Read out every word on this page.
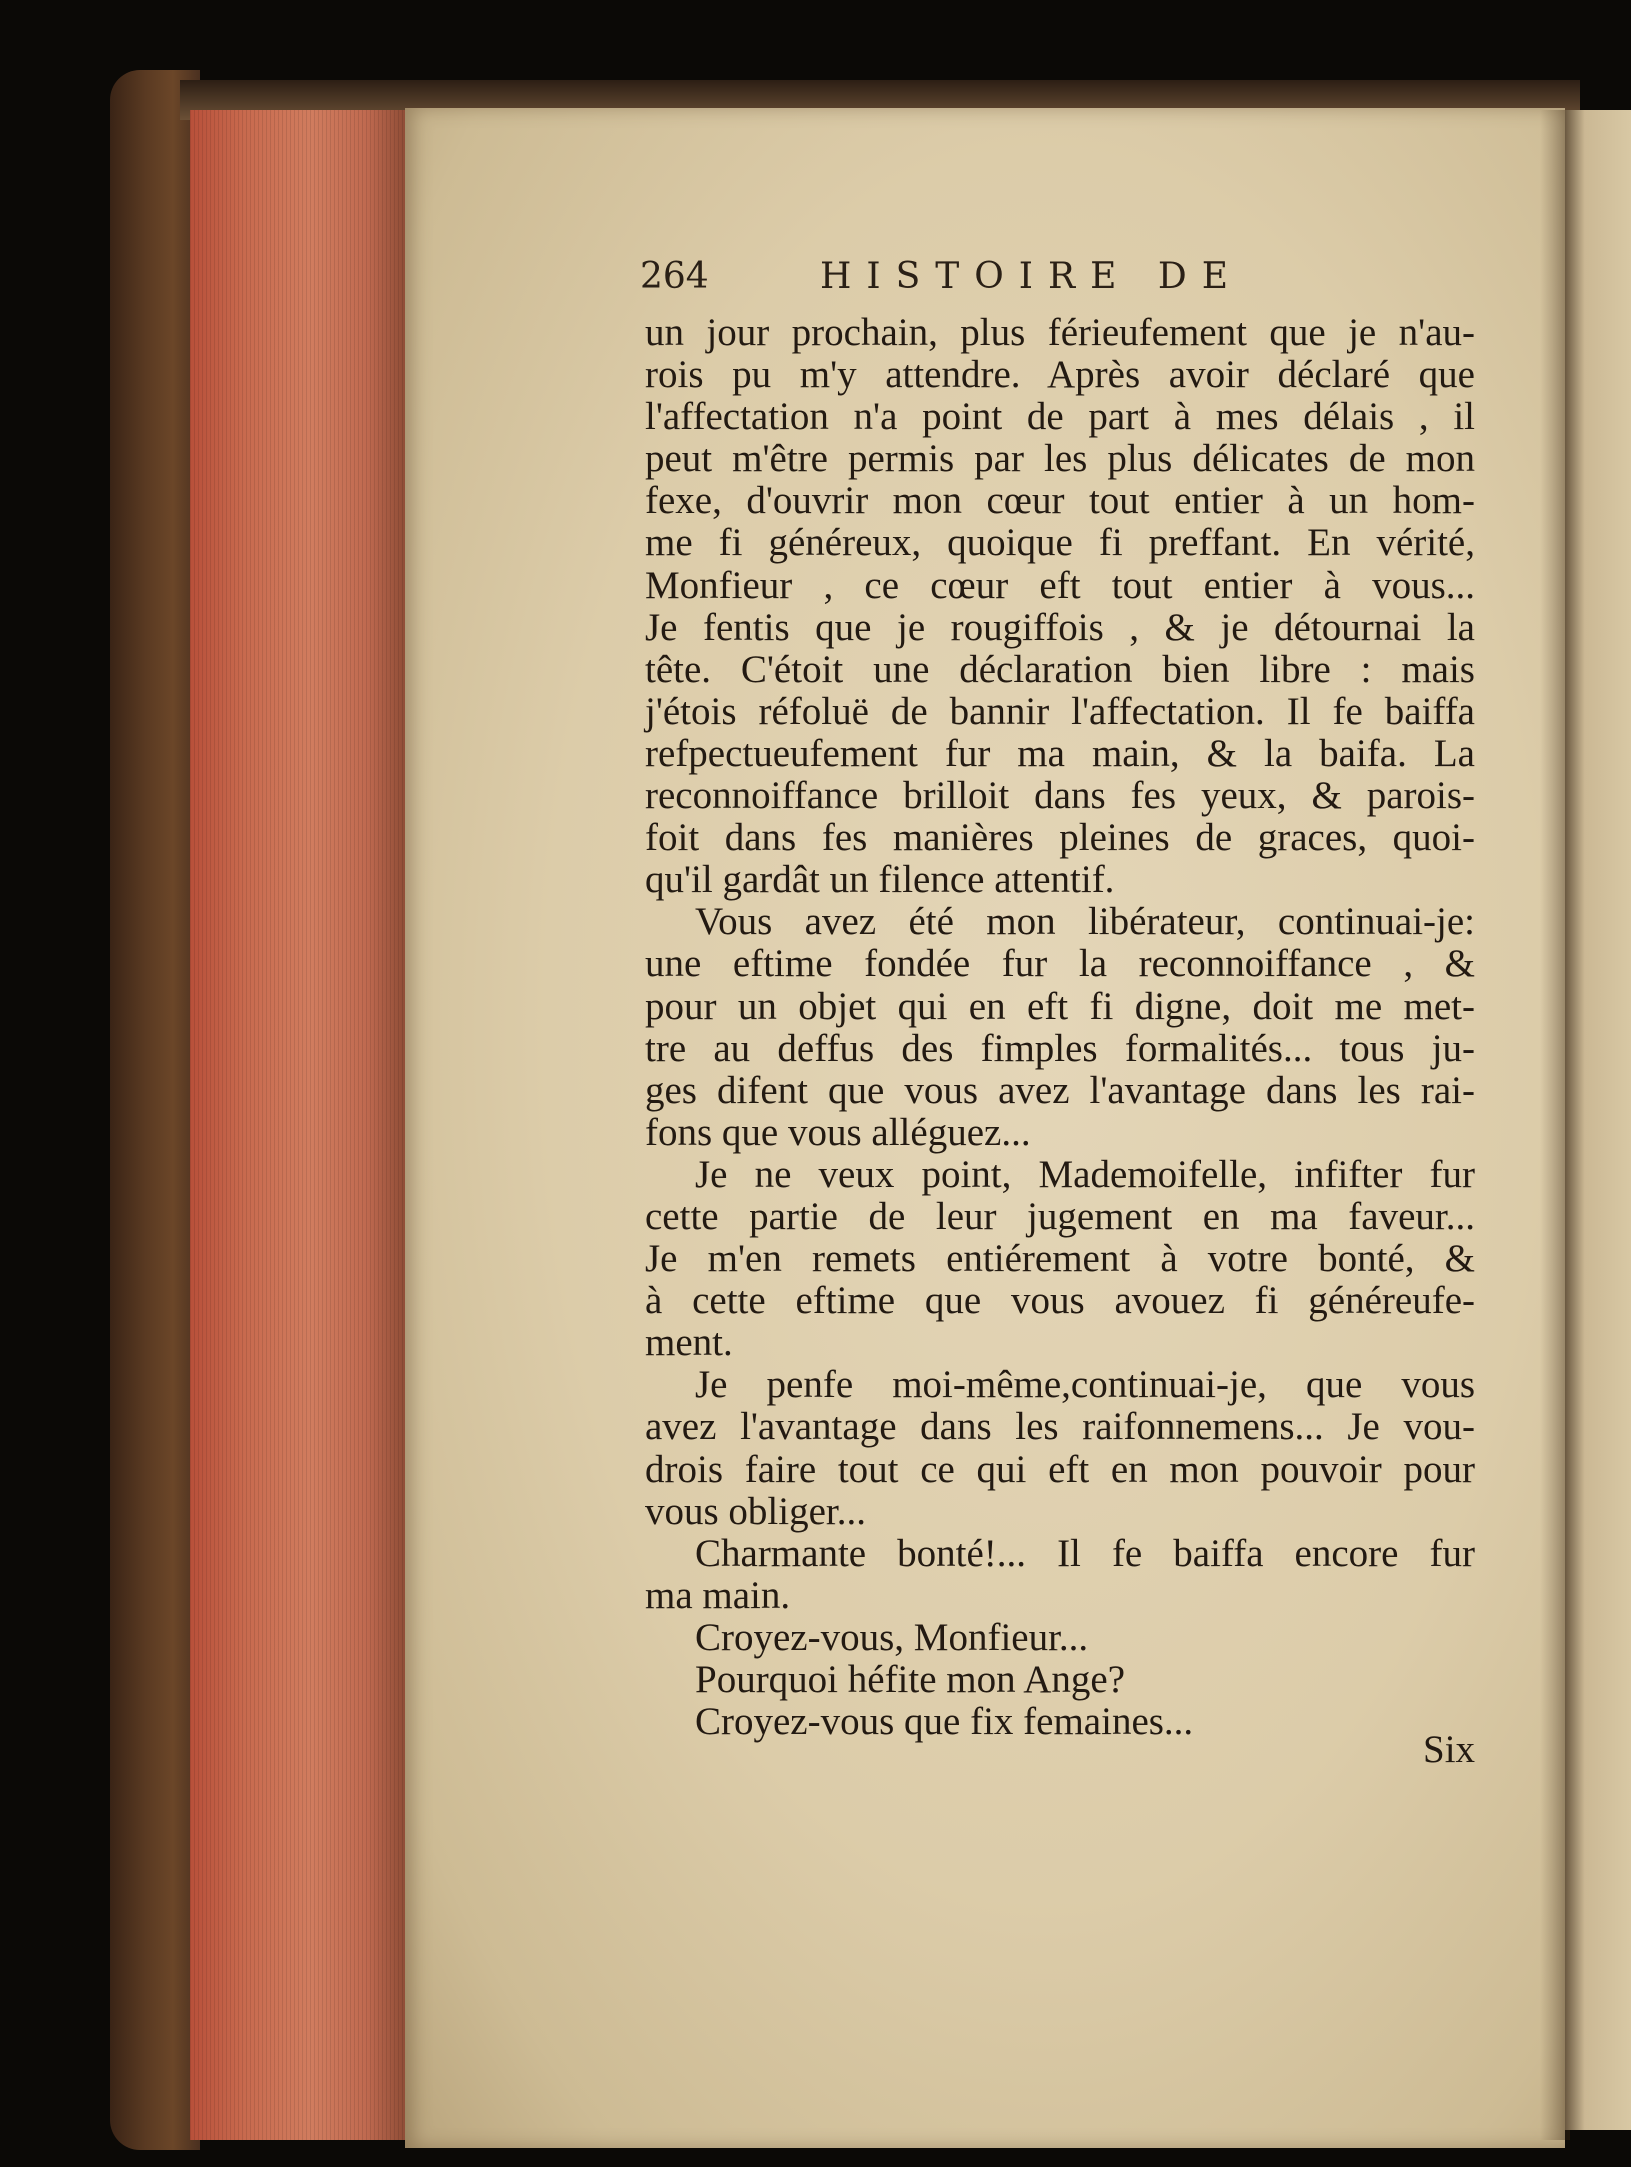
264	HISTOIRE DE
un jour prochain, plus férieufement que je n'au-
rois pu m'y attendre. Après avoir déclaré que
l'affectation n'a point de part à mes délais , il
peut m'être permis par les plus délicates de mon
fexe, d'ouvrir mon cœur tout entier à un hom-
me fi généreux, quoique fi preffant. En vérité,
Monfieur , ce cœur eft tout entier à vous...
Je fentis que je rougiffois , & je détournai la
tête. C'étoit une déclaration bien libre : mais
j'étois réfoluë de bannir l'affectation. Il fe baiffa
refpectueufement fur ma main, & la baifa. La
reconnoiffance brilloit dans fes yeux, & parois-
foit dans fes manières pleines de graces, quoi-
qu'il gardât un filence attentif.
Vous avez été mon libérateur, continuai-je:
une eftime fondée fur la reconnoiffance , &
pour un objet qui en eft fi digne, doit me met-
tre au deffus des fimples formalités... tous ju-
ges difent que vous avez l'avantage dans les rai-
fons que vous alléguez...
Je ne veux point, Mademoifelle, infifter fur
cette partie de leur jugement en ma faveur...
Je m'en remets entiérement à votre bonté, &
à cette eftime que vous avouez fi généreufe-
ment.
Je penfe moi-même,continuai-je, que vous
avez l'avantage dans les raifonnemens... Je vou-
drois faire tout ce qui eft en mon pouvoir pour
vous obliger...
Charmante bonté!... Il fe baiffa encore fur
ma main.
Croyez-vous, Monfieur...
Pourquoi héfite mon Ange?
Croyez-vous que fix femaines...
Six
